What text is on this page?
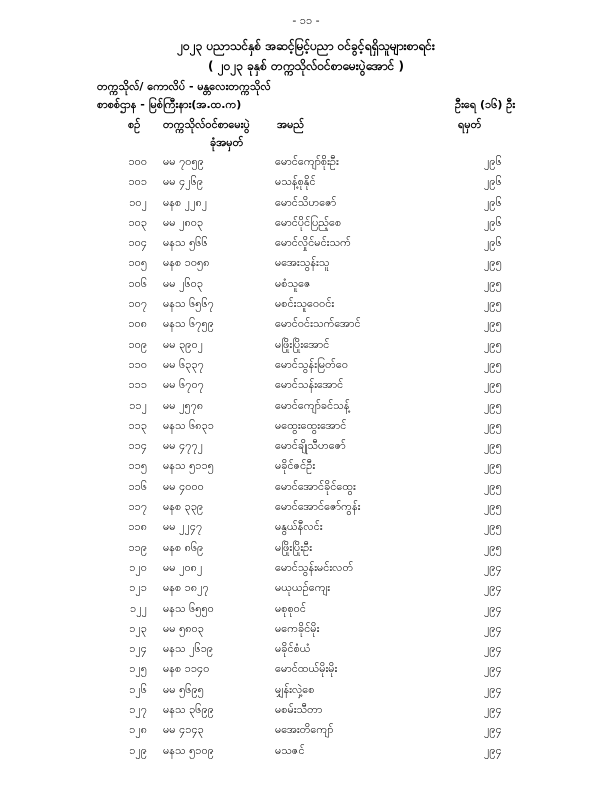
- ၁၁ -
၂၀၂၃ ပညာသင်နှစ် အဆင့်မြင့်ပညာ ဝင်ခွင့်ရရှိသူများစာရင်း
( ၂၀၂၃ ခုနှစ် တက္ကသိုလ်ဝင်စာမေးပွဲအောင် )
တက္ကသိုလ်/ ကောလိပ် - မန္တလေးတက္ကသိုလ်
စာစစ်ဌာန - မြစ်ကြီးနား(အ.ထ.က)	ဦးရေ (၁၆) ဦး
စဉ် တက္ကသိုလ်ဝင်စာမေးပွဲ
ခုံအမှတ်
အမည်	ရမှတ်
၁၀၀ မမ ၇၀၅၉	မောင်ကျော်စိုးဦး	၂၉၆
၁၀၁ မမ ၄၂၆၉	မသန့်စုနိုင်	၂၉၆
၁၀၂ မနစ ၂၂၈၂	မောင်သိဟဇော်	၂၉၆
၁၀၃ မမ ၂၈၀၃	မောင်ပိုင်ပြည့်စေ	၂၉၆
၁၀၄ မနသ ၅၆၆	မောင်လှိုင်မင်းသက်	၂၉၆
၁၀၅ မနစ ၁၀၅၈	မအေးသွန်းသူ	၂၉၅
၁၀၆ မမ ၂၆၀၃	မစံသူဇေ	၂၉၅
၁၀၇ မနသ ၆၅၆၇	မစင်းသူဝေဝင်း	၂၉၅
၁၀၈ မနသ ၆၇၅၉	မောင်ဝင်းသက်အောင်	၂၉၅
၁၀၉ မမ ၃၉၀၂	မဖြိုးပြိုးအောင်	၂၉၅
၁၁၀ မမ ၆၃၃၇	မောင်သွန်းမြတ်ဝေ	၂၉၅
၁၁၁ မမ ၆၇၀၇	မောင်သန်းအောင်	၂၉၅
၁၁၂ မမ ၂၅၇၈	မောင်ကျော်ခင်သန့်	၂၉၅
၁၁၃ မနသ ၆၈၃၁	မထွေးထွေးအောင်	၂၉၅
၁၁၄ မမ ၄၇၇၂	မောင်ချိုသီဟဇော်	၂၉၅
၁၁၅ မနသ ၅၁၁၅	မခိုင်ဇင်ဦး	၂၉၅
၁၁၆ မမ ၄၀၀၀	မောင်အောင်ခိုင်ထွေး	၂၉၅
၁၁၇ မနစ ၃၃၉	မောင်အောင်ဇော်ကွန်း	၂၉၅
၁၁၈ မမ ၂၂၄၇	မနွယ်နီလင်း	၂၉၅
၁၁၉ မနစ ၈၆၉	မဖြိုးပြိုးဦး	၂၉၅
၁၂၀ မမ ၂၀၈၂	မောင်သွန်းမင်းလတ်	၂၉၄
၁၂၁ မနစ ၁၈၂၇	မယုယဉ်ကျေး	၂၉၄
၁၂၂ မနသ ၆၅၅၀	မစုစုဝင်	၂၉၄
၁၂၃ မမ ၅၈၀၃	မကေခိုင်မိုး	၂၉၄
၁၂၄ မနသ ၂၆၁၉	မခိုင်စံယံ	၂၉၄
၁၂၅ မနစ ၁၁၄၀	မောင်ထယ်မိုးမိုး	၂၉၄
၁၂၆ မမ ၅၆၉၅	မျှန်းလှဲ့စေ	၂၉၄
၁၂၇ မနသ ၃၆၉၉	မစမ်းသီတာ	၂၉၄
၁၂၈ မမ ၄၁၄၃	မအေးတိကျော်	၂၉၄
၁၂၉ မနသ ၅၁၀၉	မသဇင်	၂၉၄
